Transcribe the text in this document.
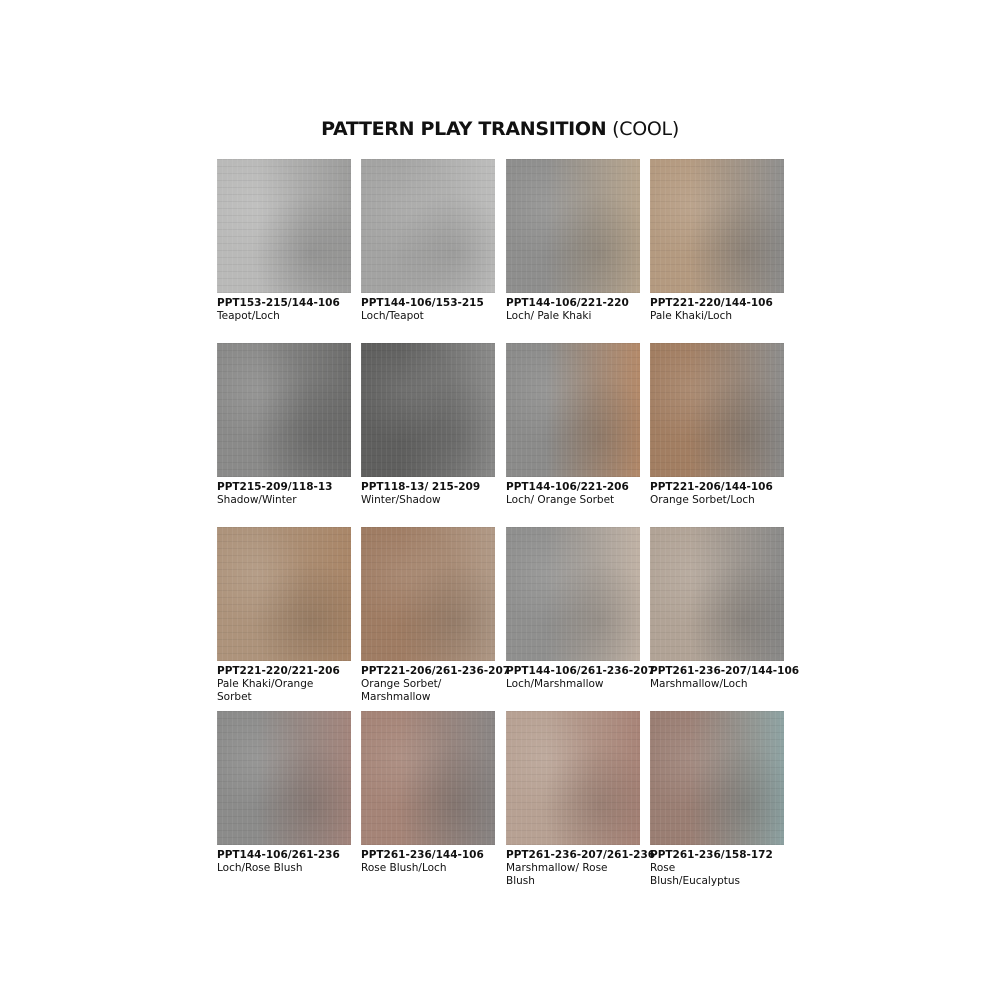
PATTERN PLAY TRANSITION (COOL)
PPT153-215/144-106
Teapot/Loch
PPT144-106/153-215
Loch/Teapot
PPT144-106/221-220
Loch/ Pale Khaki
PPT221-220/144-106
Pale Khaki/Loch
PPT215-209/118-13
Shadow/Winter
PPT118-13/ 215-209
Winter/Shadow
PPT144-106/221-206
Loch/ Orange Sorbet
PPT221-206/144-106
Orange Sorbet/Loch
PPT221-220/221-206
Pale Khaki/Orange Sorbet
PPT221-206/261-236-207
Orange Sorbet/ Marshmallow
PPT144-106/261-236-207
Loch/Marshmallow
PPT261-236-207/144-106
Marshmallow/Loch
PPT144-106/261-236
Loch/Rose Blush
PPT261-236/144-106
Rose Blush/Loch
PPT261-236-207/261-236
Marshmallow/ Rose Blush
PPT261-236/158-172
Rose Blush/Eucalyptus
